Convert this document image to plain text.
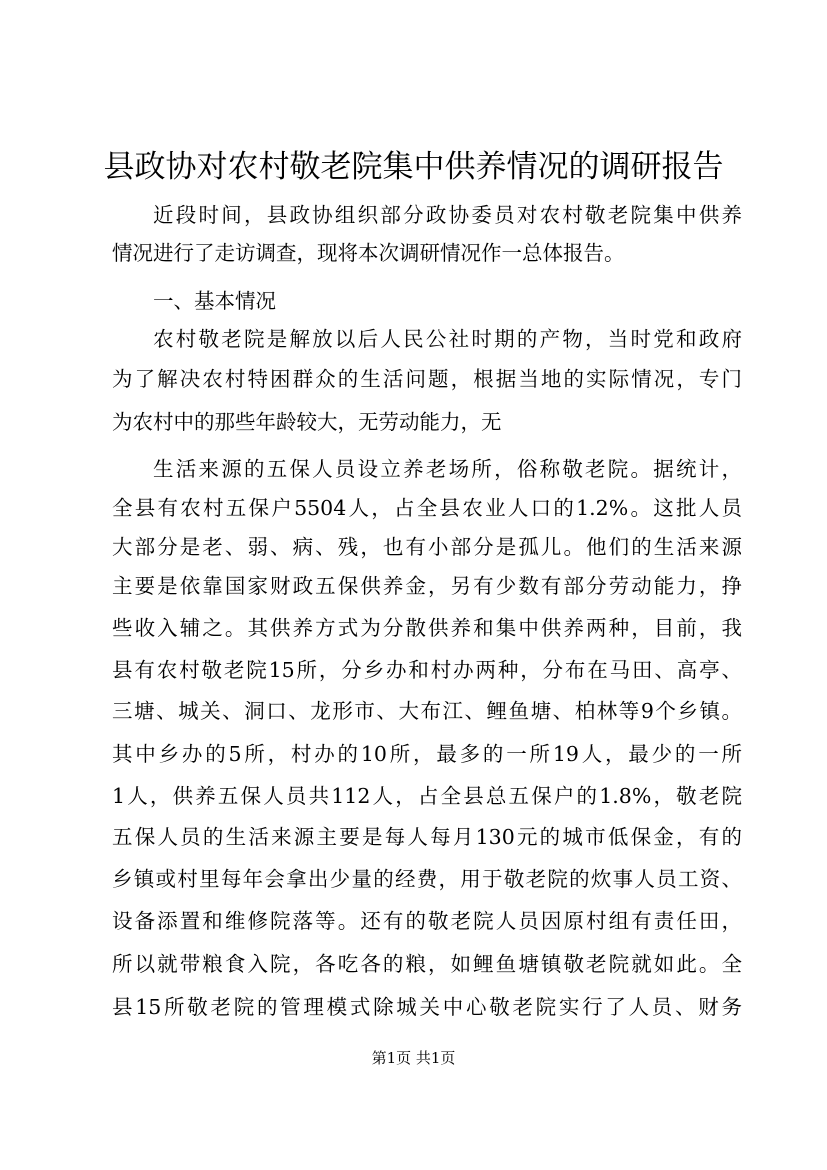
县政协对农村敬老院集中供养情况的调研报告
近段时间，县政协组织部分政协委员对农村敬老院集中供养
情况进行了走访调查，现将本次调研情况作一总体报告。
一、基本情况
农村敬老院是解放以后人民公社时期的产物，当时党和政府
为了解决农村特困群众的生活问题，根据当地的实际情况，专门
为农村中的那些年龄较大，无劳动能力，无
生活来源的五保人员设立养老场所，俗称敬老院。据统计，
全县有农村五保户5504人，占全县农业人口的1.2%。这批人员
大部分是老、弱、病、残，也有小部分是孤儿。他们的生活来源
主要是依靠国家财政五保供养金，另有少数有部分劳动能力，挣
些收入辅之。其供养方式为分散供养和集中供养两种，目前，我
县有农村敬老院15所，分乡办和村办两种，分布在马田、高亭、
三塘、城关、洞口、龙形市、大布江、鲤鱼塘、柏林等9个乡镇。
其中乡办的5所，村办的10所，最多的一所19人，最少的一所
1人，供养五保人员共112人，占全县总五保户的1.8%，敬老院
五保人员的生活来源主要是每人每月130元的城市低保金，有的
乡镇或村里每年会拿出少量的经费，用于敬老院的炊事人员工资、
设备添置和维修院落等。还有的敬老院人员因原村组有责任田，
所以就带粮食入院，各吃各的粮，如鲤鱼塘镇敬老院就如此。全
县15所敬老院的管理模式除城关中心敬老院实行了人员、财务
第1页 共1页
